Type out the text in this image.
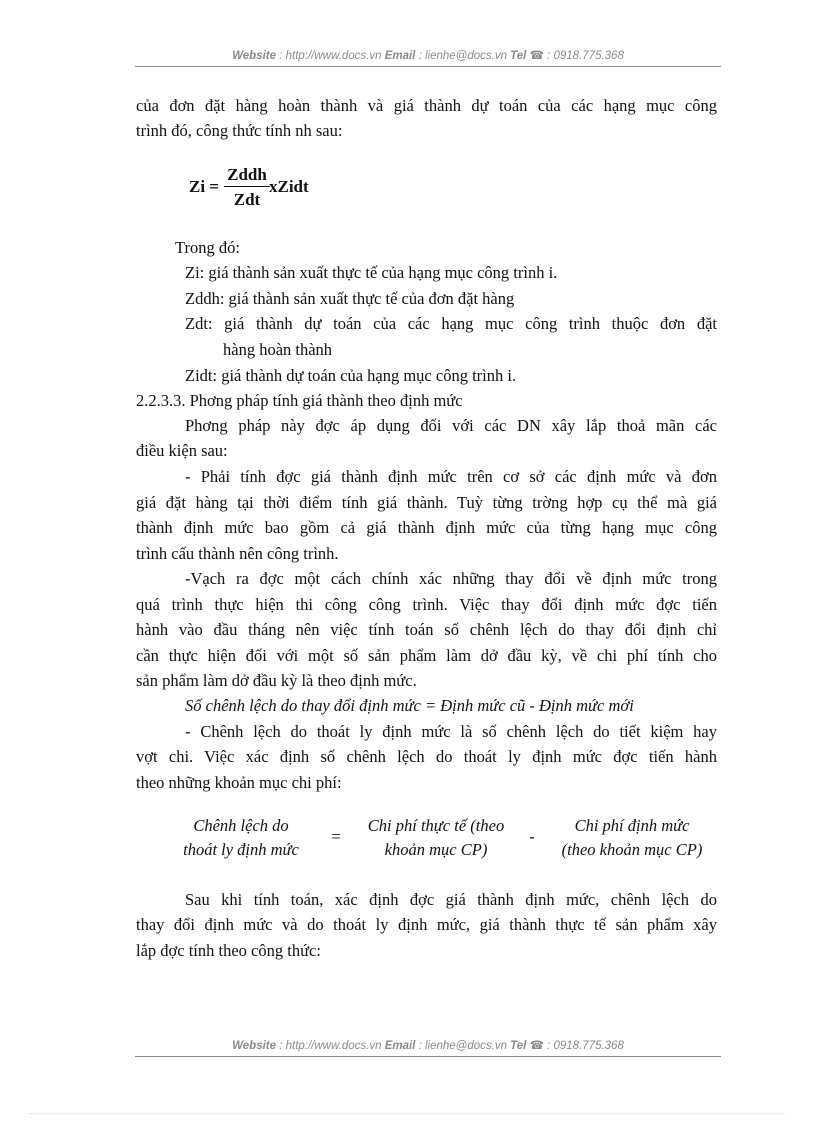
Website : http://www.docs.vn Email : lienhe@docs.vn Tel ☎ : 0918.775.368
của đơn đặt hàng hoàn thành và giá thành dự toán của các hạng mục công
trình đó, công thức tính nh sau:
Zi =
Zddh
Zdt
xZidt
Trong đó:
Zi: giá thành sản xuất thực tế của hạng mục công trình i.
Zddh: giá thành sản xuất thực tế của đơn đặt hàng
Zdt: giá thành dự toán của các hạng mục công trình thuộc đơn đặt
hàng hoàn thành
Zidt: giá thành dự toán của hạng mục công trình i.
2.2.3.3. Phơng pháp tính giá thành theo định mức
Phơng pháp này đợc áp dụng đối với các DN xây lắp thoả mãn các
điều kiện sau:
- Phải tính đợc giá thành định mức trên cơ sở các định mức và đơn
giá đặt hàng tại thời điểm tính giá thành. Tuỳ từng trờng hợp cụ thể mà giá
thành định mức bao gồm cả giá thành định mức của từng hạng mục công
trình cấu thành nên công trình.
-Vạch ra đợc một cách chính xác những thay đổi về định mức trong
quá trình thực hiện thi công công trình. Việc thay đổi định mức đợc tiến
hành vào đầu tháng nên việc tính toán số chênh lệch do thay đổi định chỉ
cần thực hiện đối với một số sản phẩm làm dở đầu kỳ, về chi phí tính cho
sản phẩm làm dở đầu kỳ là theo định mức.
Số chênh lệch do thay đổi định mức = Định mức cũ - Định mức mới
- Chênh lệch do thoát ly định mức là số chênh lệch do tiết kiệm hay
vợt chi. Việc xác định số chênh lệch do thoát ly định mức đợc tiến hành
theo những khoản mục chi phí:
Chênh lệch do
thoát ly định mức
=
Chi phí thực tế (theo
khoản mục CP)
-
Chi phí định mức
(theo khoản mục CP)
Sau khi tính toán, xác định đợc giá thành định mức, chênh lệch do
thay đổi định mức và do thoát ly định mức, giá thành thực tế sản phẩm xây
lắp đợc tính theo công thức:
Website : http://www.docs.vn Email : lienhe@docs.vn Tel ☎ : 0918.775.368
